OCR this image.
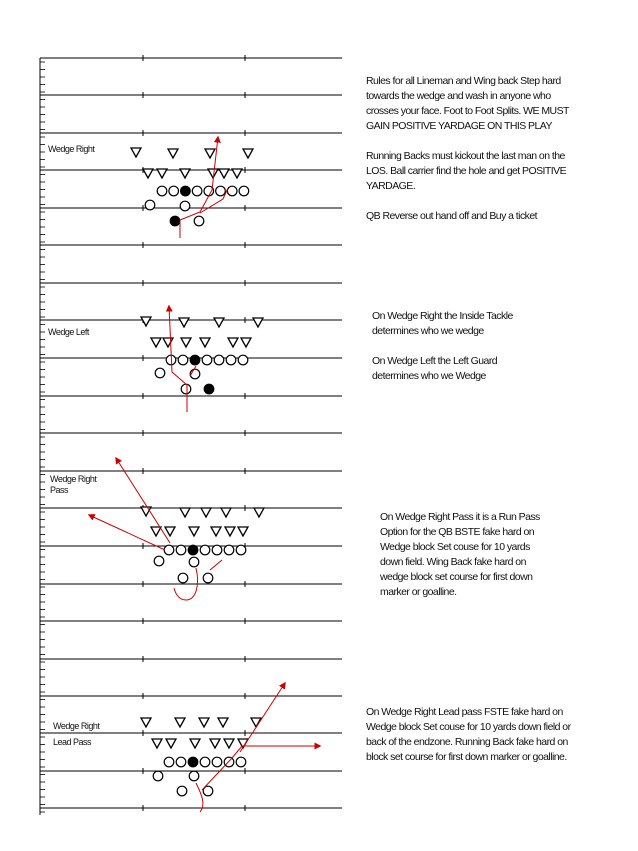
Wedge Right
Wedge Left
Wedge Right Pass
Wedge Right Lead Pass

Rules for all Lineman and Wing back Step hard towards the wedge and wash in anyone who crosses your face. Foot to Foot Splits. WE MUST GAIN POSITIVE YARDAGE ON THIS PLAY

Running Backs must kickout the last man on the LOS. Ball carrier find the hole and get POSITIVE YARDAGE.

QB Reverse out hand off and Buy a ticket

On Wedge Right the Inside Tackle determines who we wedge

On Wedge Left the Left Guard determines who we Wedge

On Wedge Right Pass it is a Run Pass Option for the QB BSTE fake hard on Wedge block Set couse for 10 yards down field. Wing Back fake hard on wedge block set course for first down marker or goalline.

On Wedge Right Lead pass FSTE fake hard on Wedge block Set couse for 10 yards down field or back of the endzone. Running Back fake hard on block set course for first down marker or goalline.
